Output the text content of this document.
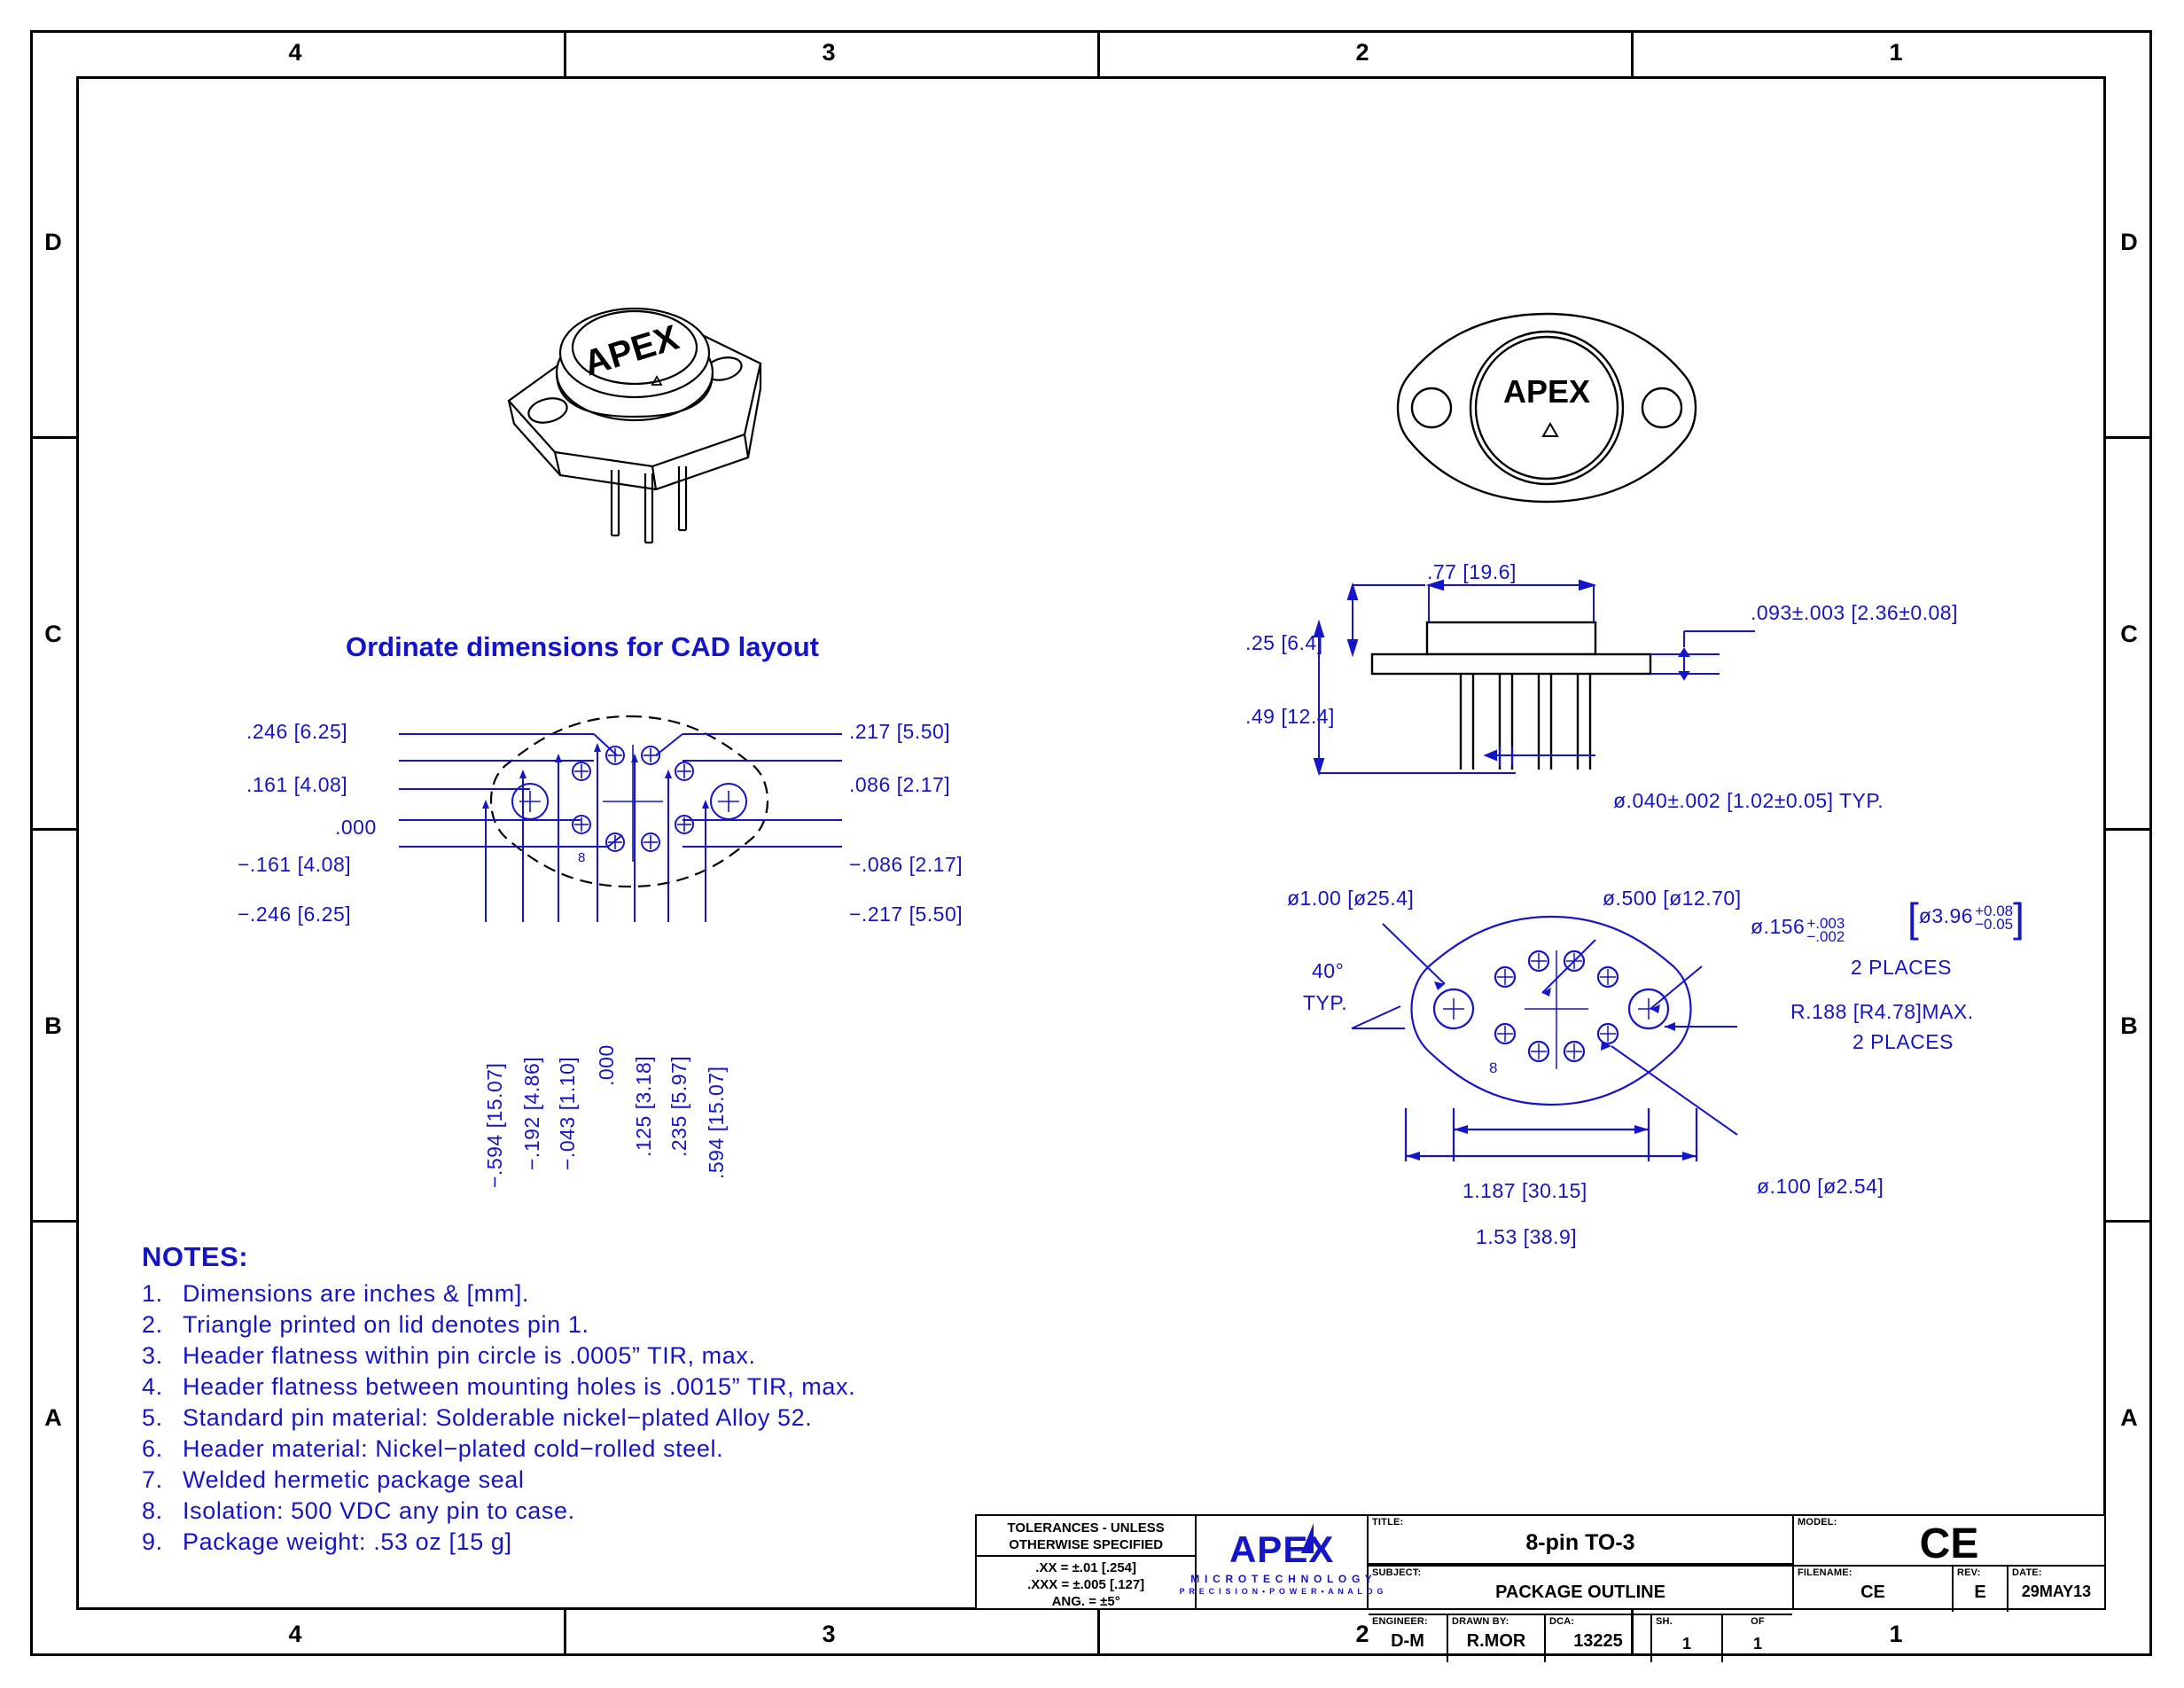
4	3	2	1
4	3	2	1
D
C
B
A
D
C
B
A
APEX
APEX
.77 [19.6]
.25 [6.4]
.49 [12.4]
.093±.003 [2.36±0.08]
ø.040±.002 [1.02±0.05] TYP.
Ordinate dimensions for CAD layout
8
.246 [6.25]
.161 [4.08]
.000
−.161 [4.08]
−.246 [6.25]
.217 [5.50]
.086 [2.17]
−.086 [2.17]
−.217 [5.50]
−.594 [15.07] −.192 [4.86] −.043 [1.10] .000 .125 [3.18] .235 [5.97] .594 [15.07]	8
ø1.00 [ø25.4]
40°
TYP.
ø.500 [ø12.70]
ø.156 +.003
−.002 [ø3.96 +0.08
−0.05 ]
2 PLACES
R.188 [R4.78]MAX.
2 PLACES
ø.100 [ø2.54]
1.187 [30.15]
1.53 [38.9]
NOTES:
1. Dimensions are inches & [mm].
2. Triangle printed on lid denotes pin 1.
3. Header flatness within pin circle is .0005” TIR, max.
4. Header flatness between mounting holes is .0015” TIR, max.
5. Standard pin material: Solderable nickel−plated Alloy 52.
6. Header material: Nickel−plated cold−rolled steel.
7. Welded hermetic package seal
8. Isolation: 500 VDC any pin to case.
9. Package weight: .53 oz [15 g]
TOLERANCES - UNLESS
OTHERWISE SPECIFIED
.XX = ±.01 [.254]
.XXX = ±.005 [.127]
ANG. = ±5°
APEX
M I C R O T E C H N O L O G Y
P R E C I S I O N • P O W E R • A N A L O G
TITLE:
8-pin TO-3
SUBJECT:
PACKAGE OUTLINE
ENGINEER:
D-M
DRAWN BY:
R.MOR
DCA:
13225
SH.
1
OF
1
MODEL: CE
FILENAME:
CE
REV:
E
DATE:
29MAY13
